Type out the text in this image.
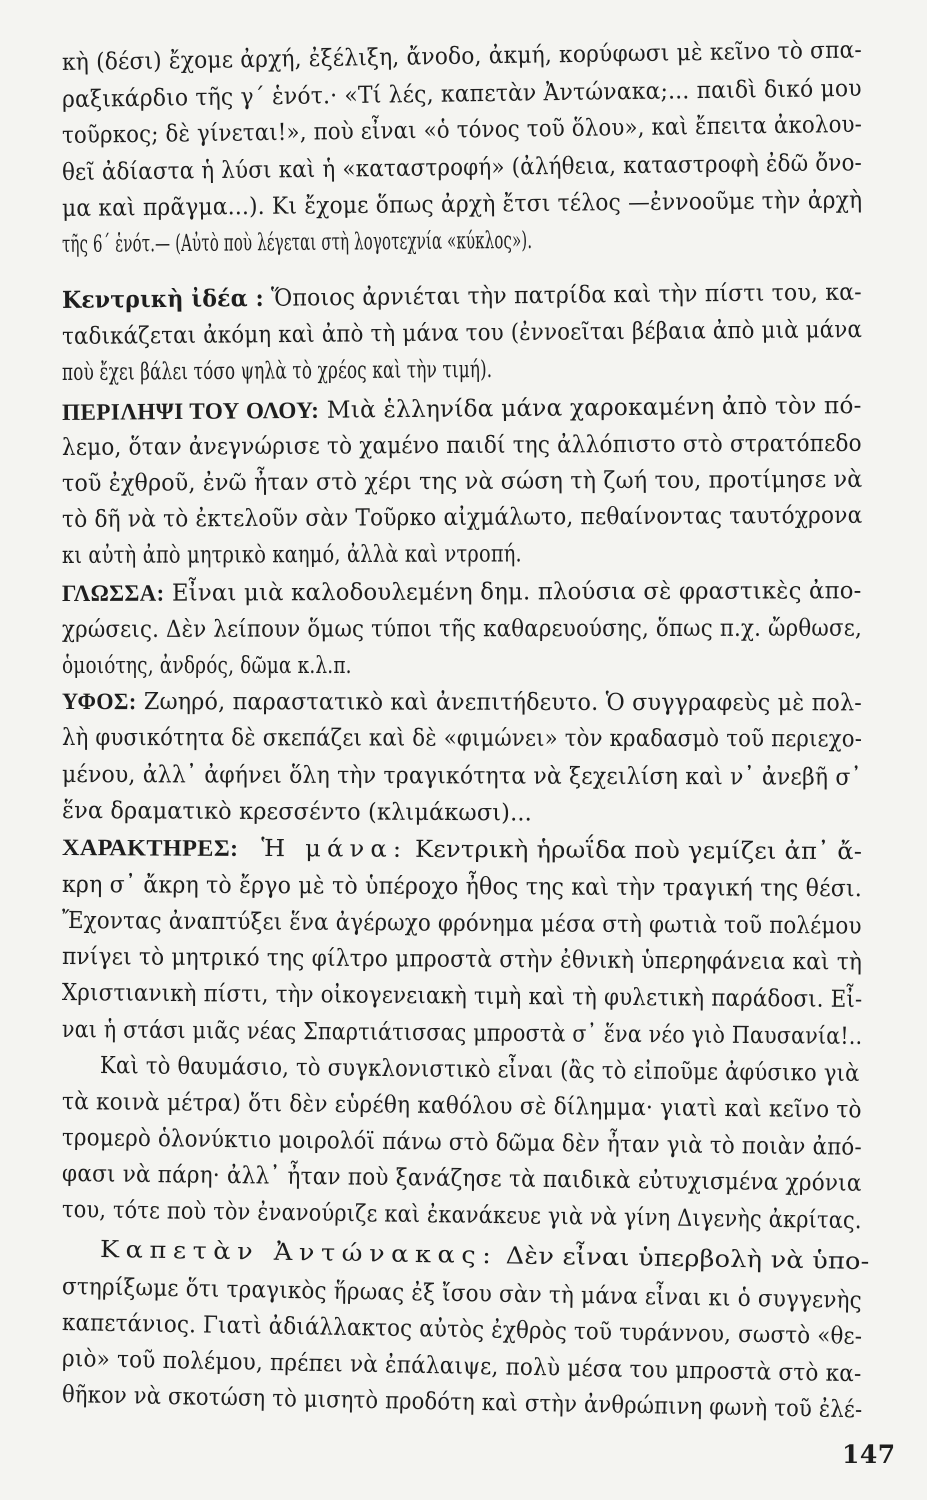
κὴ (δέσι) ἔχομε ἀρχή, ἐξέλιξη, ἄνοδο, ἀκμή, κορύφωσι μὲ κεῖνο τὸ σπα-
ραξικάρδιο τῆς γ΄ ἑνότ.· «Τί λές, καπετὰν Ἀντώνακα;... παιδὶ δικό μου
τοῦρκος; δὲ γίνεται!», ποὺ εἶναι «ὁ τόνος τοῦ ὅλου», καὶ ἔπειτα ἀκολου-
θεῖ ἀδίαστα ἡ λύσι καὶ ἡ «καταστροφή» (ἀλήθεια, καταστροφὴ ἐδῶ ὄνο-
μα καὶ πρᾶγμα...). Κι ἔχομε ὅπως ἀρχὴ ἔτσι τέλος —ἐννοοῦμε τὴν ἀρχὴ
τῆς 6΄ ἑνότ.— (Αὐτὸ ποὺ λέγεται στὴ λογοτεχνία «κύκλος»).
Κεντρικὴ ἰδέα : Ὅποιος ἀρνιέται τὴν πατρίδα καὶ τὴν πίστι του, κα-
ταδικάζεται ἀκόμη καὶ ἀπὸ τὴ μάνα του (ἐννοεῖται βέβαια ἀπὸ μιὰ μάνα
ποὺ ἔχει βάλει τόσο ψηλὰ τὸ χρέος καὶ τὴν τιμή).
ΠΕΡΙΛΗΨΙ ΤΟΥ ΟΛΟΥ: Μιὰ ἑλληνίδα μάνα χαροκαμένη ἀπὸ τὸν πό-
λεμο, ὅταν ἀνεγνώρισε τὸ χαμένο παιδί της ἀλλόπιστο στὸ στρατόπεδο
τοῦ ἐχθροῦ, ἐνῶ ἦταν στὸ χέρι της νὰ σώση τὴ ζωή του, προτίμησε νὰ
τὸ δῆ νὰ τὸ ἐκτελοῦν σὰν Τοῦρκο αἰχμάλωτο, πεθαίνοντας ταυτόχρονα
κι αὐτὴ ἀπὸ μητρικὸ καημό, ἀλλὰ καὶ ντροπή.
ΓΛΩΣΣΑ: Εἶναι μιὰ καλοδουλεμένη δημ. πλούσια σὲ φραστικὲς ἀπο-
χρώσεις. Δὲν λείπουν ὅμως τύποι τῆς καθαρευούσης, ὅπως π.χ. ὤρθωσε,
ὁμοιότης, ἀνδρός, δῶμα κ.λ.π.
ΥΦΟΣ: Ζωηρό, παραστατικὸ καὶ ἀνεπιτήδευτο. Ὁ συγγραφεὺς μὲ πολ-
λὴ φυσικότητα δὲ σκεπάζει καὶ δὲ «φιμώνει» τὸν κραδασμὸ τοῦ περιεχο-
μένου, ἀλλ᾽ ἀφήνει ὅλη τὴν τραγικότητα νὰ ξεχειλίση καὶ ν᾽ ἀνεβῆ σ᾽
ἕνα δραματικὸ κρεσσέντο (κλιμάκωσι)...
ΧΑΡΑΚΤΗΡΕΣ: Ἡ μάνα: Κεντρικὴ ἡρωΐδα ποὺ γεμίζει ἀπ᾽ ἄ-
κρη σ᾽ ἄκρη τὸ ἔργο μὲ τὸ ὑπέροχο ἦθος της καὶ τὴν τραγική της θέσι.
Ἔχοντας ἀναπτύξει ἕνα ἀγέρωχο φρόνημα μέσα στὴ φωτιὰ τοῦ πολέμου
πνίγει τὸ μητρικό της φίλτρο μπροστὰ στὴν ἐθνικὴ ὑπερηφάνεια καὶ τὴ
Χριστιανικὴ πίστι, τὴν οἰκογενειακὴ τιμὴ καὶ τὴ φυλετικὴ παράδοσι. Εἶ-
ναι ἡ στάσι μιᾶς νέας Σπαρτιάτισσας μπροστὰ σ᾽ ἕνα νέο γιὸ Παυσανία!..
Καὶ τὸ θαυμάσιο, τὸ συγκλονιστικὸ εἶναι (ἂς τὸ εἰποῦμε ἀφύσικο γιὰ
τὰ κοινὰ μέτρα) ὅτι δὲν εὑρέθη καθόλου σὲ δίλημμα· γιατὶ καὶ κεῖνο τὸ
τρομερὸ ὁλονύκτιο μοιρολόϊ πάνω στὸ δῶμα δὲν ἦταν γιὰ τὸ ποιὰν ἀπό-
φασι νὰ πάρη· ἀλλ᾽ ἦταν ποὺ ξανάζησε τὰ παιδικὰ εὐτυχισμένα χρόνια
του, τότε ποὺ τὸν ἐνανούριζε καὶ ἐκανάκευε γιὰ νὰ γίνη Διγενὴς ἀκρίτας.
Καπετὰν Ἀντώνακας: Δὲν εἶναι ὑπερβολὴ νὰ ὑπο-
στηρίξωμε ὅτι τραγικὸς ἥρωας ἐξ ἴσου σὰν τὴ μάνα εἶναι κι ὁ συγγενὴς
καπετάνιος. Γιατὶ ἀδιάλλακτος αὐτὸς ἐχθρὸς τοῦ τυράννου, σωστὸ «θε-
ριὸ» τοῦ πολέμου, πρέπει νὰ ἐπάλαιψε, πολὺ μέσα του μπροστὰ στὸ κα-
θῆκον νὰ σκοτώση τὸ μισητὸ προδότη καὶ στὴν ἀνθρώπινη φωνὴ τοῦ ἐλέ-
147
